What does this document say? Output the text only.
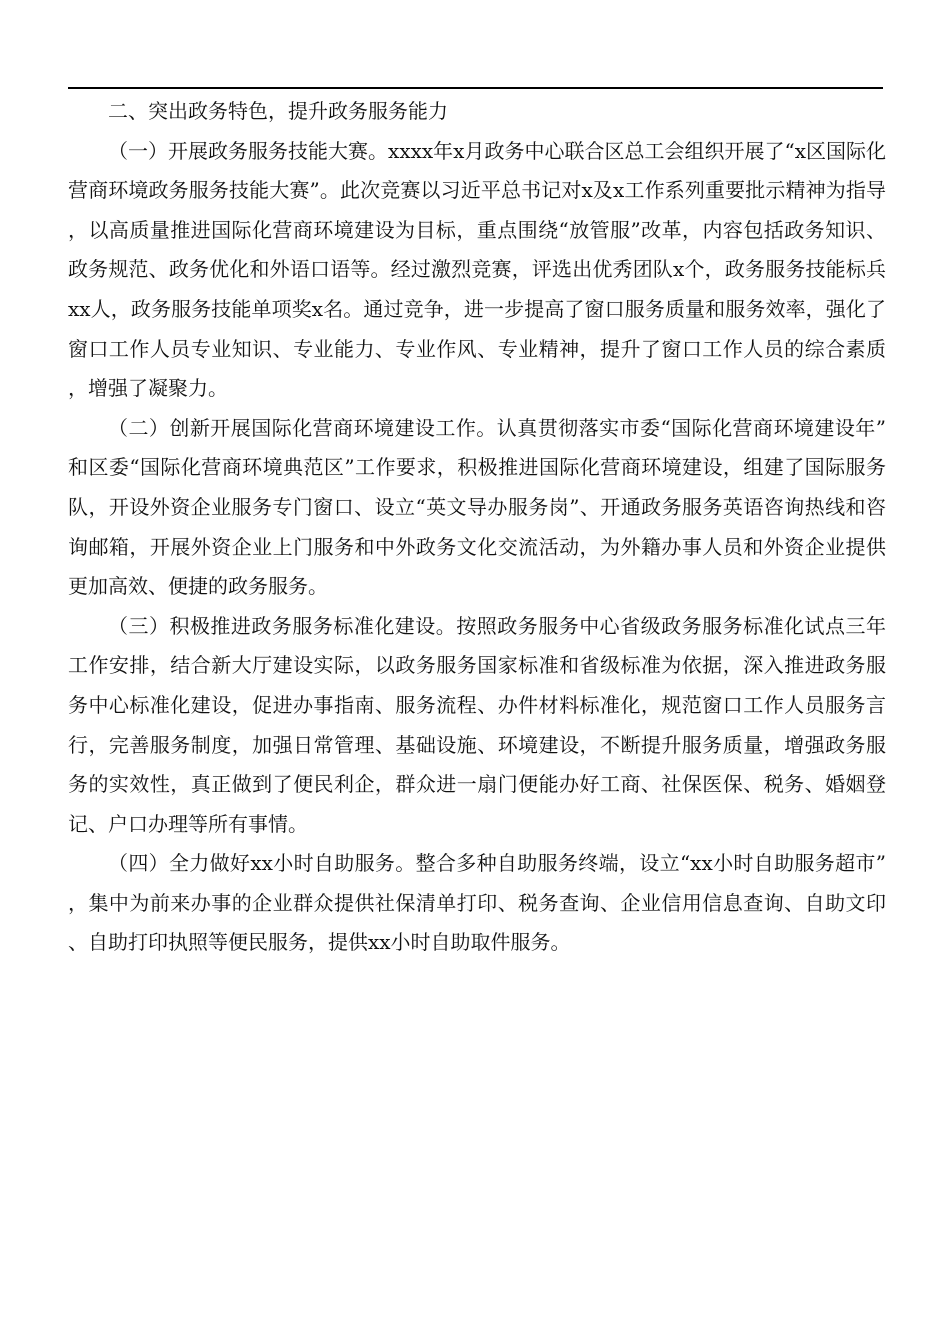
二、突出政务特色，提升政务服务能力

（一）开展政务服务技能大赛。xxxx年x月政务中心联合区总工会组织开展了“x区国际化营商环境政务服务技能大赛”。此次竞赛以习近平总书记对x及x工作系列重要批示精神为指导，以高质量推进国际化营商环境建设为目标，重点围绕“放管服”改革，内容包括政务知识、政务规范、政务优化和外语口语等。经过激烈竞赛，评选出优秀团队x个，政务服务技能标兵xx人，政务服务技能单项奖x名。通过竞争，进一步提高了窗口服务质量和服务效率，强化了窗口工作人员专业知识、专业能力、专业作风、专业精神，提升了窗口工作人员的综合素质，增强了凝聚力。

（二）创新开展国际化营商环境建设工作。认真贯彻落实市委“国际化营商环境建设年”和区委“国际化营商环境典范区”工作要求，积极推进国际化营商环境建设，组建了国际服务队，开设外资企业服务专门窗口、设立“英文导办服务岗”、开通政务服务英语咨询热线和咨询邮箱，开展外资企业上门服务和中外政务文化交流活动，为外籍办事人员和外资企业提供更加高效、便捷的政务服务。

（三）积极推进政务服务标准化建设。按照政务服务中心省级政务服务标准化试点三年工作安排，结合新大厅建设实际，以政务服务国家标准和省级标准为依据，深入推进政务服务中心标准化建设，促进办事指南、服务流程、办件材料标准化，规范窗口工作人员服务言行，完善服务制度，加强日常管理、基础设施、环境建设，不断提升服务质量，增强政务服务的实效性，真正做到了便民利企，群众进一扇门便能办好工商、社保医保、税务、婚姻登记、户口办理等所有事情。

（四）全力做好xx小时自助服务。整合多种自助服务终端，设立“xx小时自助服务超市”，集中为前来办事的企业群众提供社保清单打印、税务查询、企业信用信息查询、自助文印、自助打印执照等便民服务，提供xx小时自助取件服务。
